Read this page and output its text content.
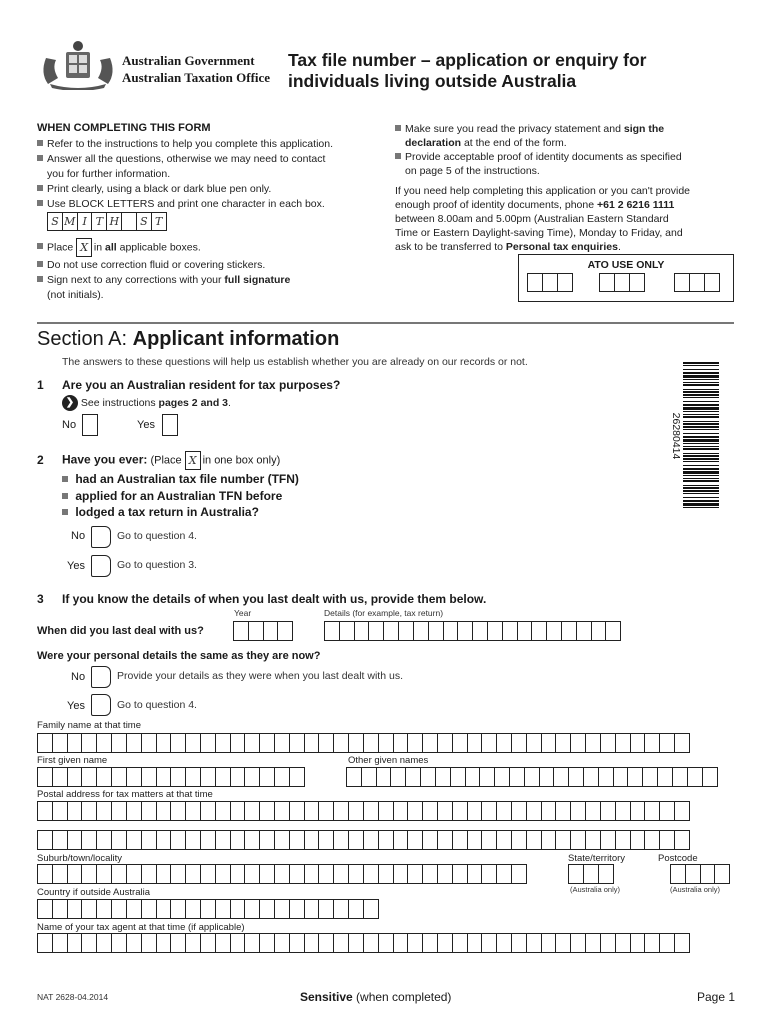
Australian Government
Australian Taxation Office
Tax file number – application or enquiry for
individuals living outside Australia
WHEN COMPLETING THIS FORM
Refer to the instructions to help you complete this application.
Answer all the questions, otherwise we may need to contact
you for further information.
Print clearly, using a black or dark blue pen only.
Use BLOCK LETTERS and print one character in each box.
S M I T H S T
Place X in all applicable boxes.
Do not use correction fluid or covering stickers.
Sign next to any corrections with your full signature
(not initials).
Make sure you read the privacy statement and sign the
declaration at the end of the form.
Provide acceptable proof of identity documents as specified
on page 5 of the instructions.
If you need help completing this application or you can't provide
enough proof of identity documents, phone +61 2 6216 1111
between 8.00am and 5.00pm (Australian Eastern Standard
Time or Eastern Daylight-saving Time), Monday to Friday, and
ask to be transferred to Personal tax enquiries.
ATO USE ONLY
Section A: Applicant information
The answers to these questions will help us establish whether you are already on our records or not.
1 Are you an Australian resident for tax purposes?
❯ See instructions pages 2 and 3.
No	Yes	26280414
2 Have you ever: (Place X in one box only)
had an Australian tax file number (TFN)
applied for an Australian TFN before
lodged a tax return in Australia?
No	Go to question 4.
Yes	Go to question 3.
3 If you know the details of when you last dealt with us, provide them below.
Year	Details (for example, tax return)
When did you last deal with us?
Were your personal details the same as they are now?
No	Provide your details as they were when you last dealt with us.
Yes	Go to question 4.
Family name at that time
First given name	Other given names
Postal address for tax matters at that time
Suburb/town/locality	State/territory	Postcode
(Australia only)	(Australia only)
Country if outside Australia
Name of your tax agent at that time (if applicable)
NAT 2628-04.2014	Sensitive (when completed)	Page 1
